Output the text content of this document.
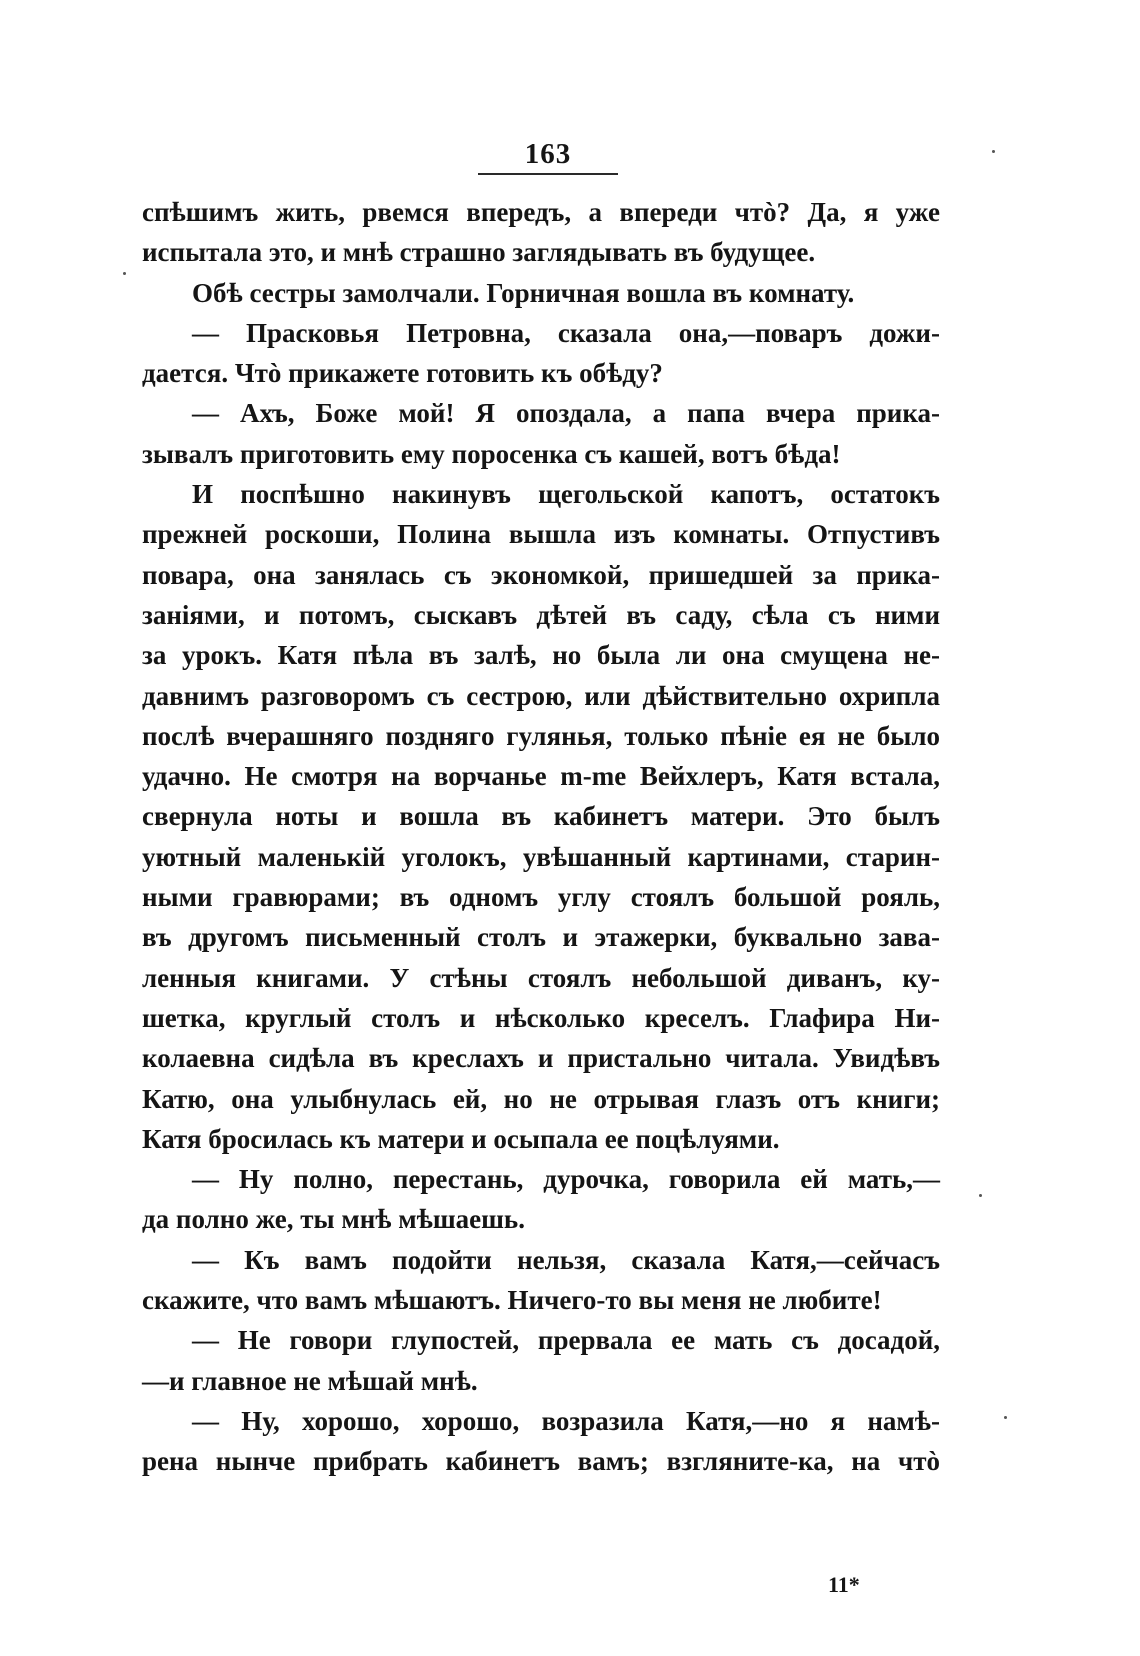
163
спѣшимъ жить, рвемся впередъ, а впереди чтò? Да, я уже
испытала это, и мнѣ страшно заглядывать въ будущее.
Обѣ сестры замолчали. Горничная вошла въ комнату.
— Прасковья Петровна, сказала она,—поваръ дожи-
дается. Чтò прикажете готовить къ обѣду?
— Ахъ, Боже мой! Я опоздала, а папа вчера прика-
зывалъ приготовить ему поросенка съ кашей, вотъ бѣда!
И поспѣшно накинувъ щегольской капотъ, остатокъ
прежней роскоши, Полина вышла изъ комнаты. Отпустивъ
повара, она занялась съ экономкой, пришедшей за прика-
занiями, и потомъ, сыскавъ дѣтей въ саду, сѣла съ ними
за урокъ. Катя пѣла въ залѣ, но была ли она смущена не-
давнимъ разговоромъ съ сестрою, или дѣйствительно охрипла
послѣ вчерашняго позднягo гулянья, только пѣнiе ея не было
удачно. Не смотря на ворчанье m-me Вейхлеръ, Катя встала,
свернула ноты и вошла въ кабинетъ матери. Это былъ
уютный маленькiй уголокъ, увѣшанный картинами, старин-
ными гравюрами; въ одномъ углу стоялъ большой рояль,
въ другомъ письменный столъ и этажерки, буквально зава-
ленныя книгами. У стѣны стоялъ небольшой диванъ, ку-
шетка, круглый столъ и нѣсколько креселъ. Глафира Ни-
колаевна сидѣла въ креслахъ и пристально читала. Увидѣвъ
Катю, она улыбнулась ей, но не отрывая глазъ отъ книги;
Катя бросилась къ матери и осыпала ее поцѣлуями.
— Ну полно, перестань, дурочка, говорила ей мать,—
да полно же, ты мнѣ мѣшаешь.
— Къ вамъ подойти нельзя, сказала Катя,—сейчасъ
скажите, что вамъ мѣшаютъ. Ничего-то вы меня не любите!
— Не говори глупостей, прервала ее мать съ досадой,
—и главное не мѣшай мнѣ.
— Ну, хорошо, хорошо, возразила Катя,—но я намѣ-
рена нынче прибрать кабинетъ вамъ; взгляните-ка, на чтò
11*
